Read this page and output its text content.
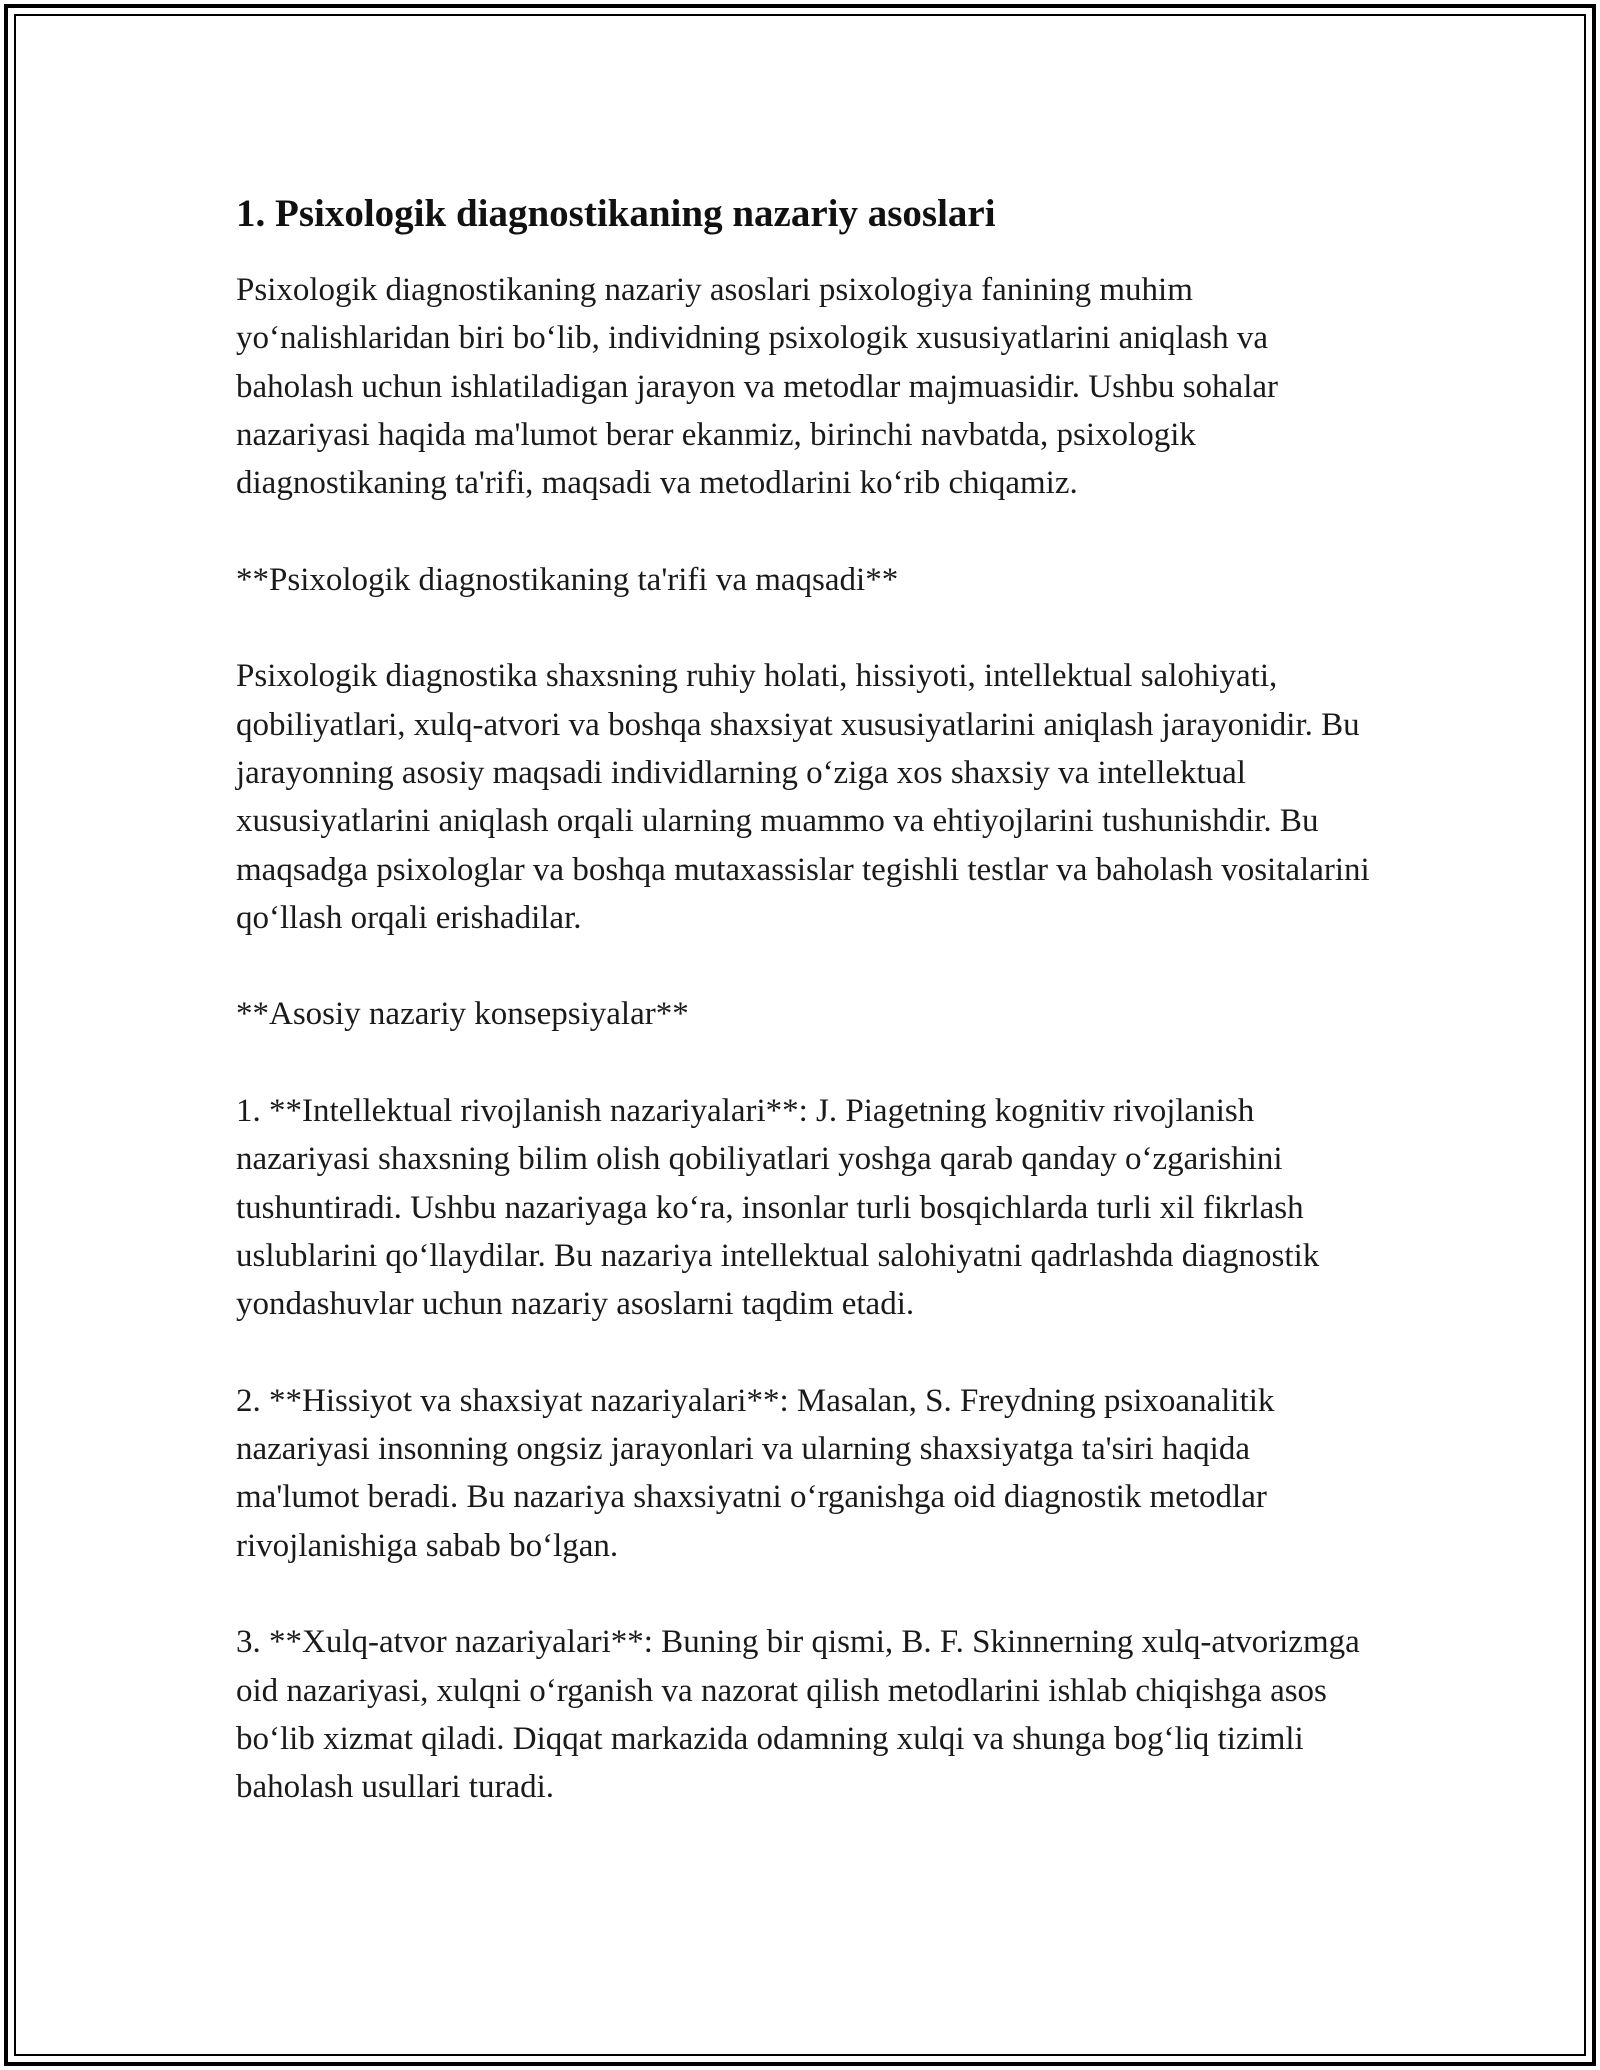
1. Psixologik diagnostikaning nazariy asoslari

Psixologik diagnostikaning nazariy asoslari psixologiya fanining muhim yo‘nalishlaridan biri bo‘lib, individning psixologik xususiyatlarini aniqlash va baholash uchun ishlatiladigan jarayon va metodlar majmuasidir. Ushbu sohalar nazariyasi haqida ma'lumot berar ekanmiz, birinchi navbatda, psixologik diagnostikaning ta'rifi, maqsadi va metodlarini ko‘rib chiqamiz.

**Psixologik diagnostikaning ta'rifi va maqsadi**

Psixologik diagnostika shaxsning ruhiy holati, hissiyoti, intellektual salohiyati, qobiliyatlari, xulq-atvori va boshqa shaxsiyat xususiyatlarini aniqlash jarayonidir. Bu jarayonning asosiy maqsadi individlarning o‘ziga xos shaxsiy va intellektual xususiyatlarini aniqlash orqali ularning muammo va ehtiyojlarini tushunishdir. Bu maqsadga psixologlar va boshqa mutaxassislar tegishli testlar va baholash vositalarini qo‘llash orqali erishadilar.

**Asosiy nazariy konsepsiyalar**

1. **Intellektual rivojlanish nazariyalari**: J. Piagetning kognitiv rivojlanish nazariyasi shaxsning bilim olish qobiliyatlari yoshga qarab qanday o‘zgarishini tushuntiradi. Ushbu nazariyaga ko‘ra, insonlar turli bosqichlarda turli xil fikrlash uslublarini qo‘llaydilar. Bu nazariya intellektual salohiyatni qadrlashda diagnostik yondashuvlar uchun nazariy asoslarni taqdim etadi.

2. **Hissiyot va shaxsiyat nazariyalari**: Masalan, S. Freydning psixoanalitik nazariyasi insonning ongsiz jarayonlari va ularning shaxsiyatga ta'siri haqida ma'lumot beradi. Bu nazariya shaxsiyatni o‘rganishga oid diagnostik metodlar rivojlanishiga sabab bo‘lgan.

3. **Xulq-atvor nazariyalari**: Buning bir qismi, B. F. Skinnerning xulq-atvorizmga oid nazariyasi, xulqni o‘rganish va nazorat qilish metodlarini ishlab chiqishga asos bo‘lib xizmat qiladi. Diqqat markazida odamning xulqi va shunga bog‘liq tizimli baholash usullari turadi.
